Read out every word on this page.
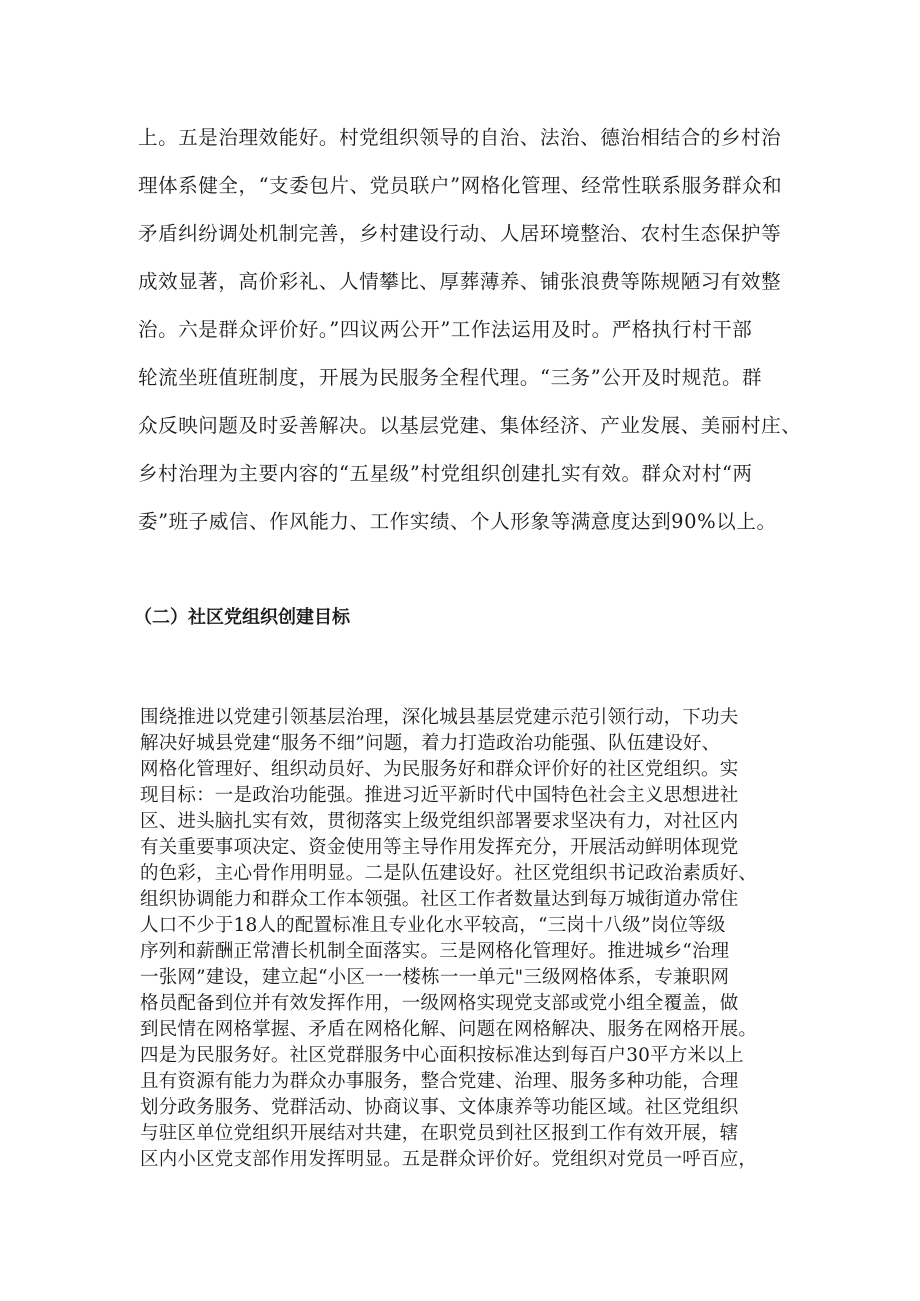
上。五是治理效能好。村党组织领导的自治、法治、德治相结合的乡村治

理体系健全，“支委包片、党员联户”网格化管理、经常性联系服务群众和

矛盾纠纷调处机制完善，乡村建设行动、人居环境整治、农村生态保护等

成效显著，高价彩礼、人情攀比、厚葬薄养、铺张浪费等陈规陋习有效整

治。六是群众评价好。”四议两公开”工作法运用及时。严格执行村干部

轮流坐班值班制度，开展为民服务全程代理。“三务”公开及时规范。群

众反映问题及时妥善解决。以基层党建、集体经济、产业发展、美丽村庄、

乡村治理为主要内容的“五星级”村党组织创建扎实有效。群众对村“两

委”班子威信、作风能力、工作实绩、个人形象等满意度达到90%以上。

（二）社区党组织创建目标

围绕推进以党建引领基层治理，深化城县基层党建示范引领行动，下功夫

解决好城县党建“服务不细”问题，着力打造政治功能强、队伍建设好、

网格化管理好、组织动员好、为民服务好和群众评价好的社区党组织。实

现目标：一是政治功能强。推进习近平新时代中国特色社会主义思想进社

区、进头脑扎实有效，贯彻落实上级党组织部署要求坚决有力，对社区内

有关重要事项决定、资金使用等主导作用发挥充分，开展活动鲜明体现党

的色彩，主心骨作用明显。二是队伍建设好。社区党组织书记政治素质好、

组织协调能力和群众工作本领强。社区工作者数量达到每万城街道办常住

人口不少于18人的配置标准且专业化水平较高，“三岗十八级”岗位等级

序列和薪酬正常漕长机制全面落实。三是网格化管理好。推进城乡“治理

一张网”建设，建立起“小区一一楼栋一一单元"三级网格体系，专兼职网

格员配备到位并有效发挥作用，一级网格实现党支部或党小组全覆盖，做

到民情在网格掌握、矛盾在网格化解、问题在网格解决、服务在网格开展。

四是为民服务好。社区党群服务中心面积按标准达到每百户30平方米以上

且有资源有能力为群众办事服务，整合党建、治理、服务多种功能，合理

划分政务服务、党群活动、协商议事、文体康养等功能区域。社区党组织

与驻区单位党组织开展结对共建，在职党员到社区报到工作有效开展，辖

区内小区党支部作用发挥明显。五是群众评价好。党组织对党员一呼百应，
